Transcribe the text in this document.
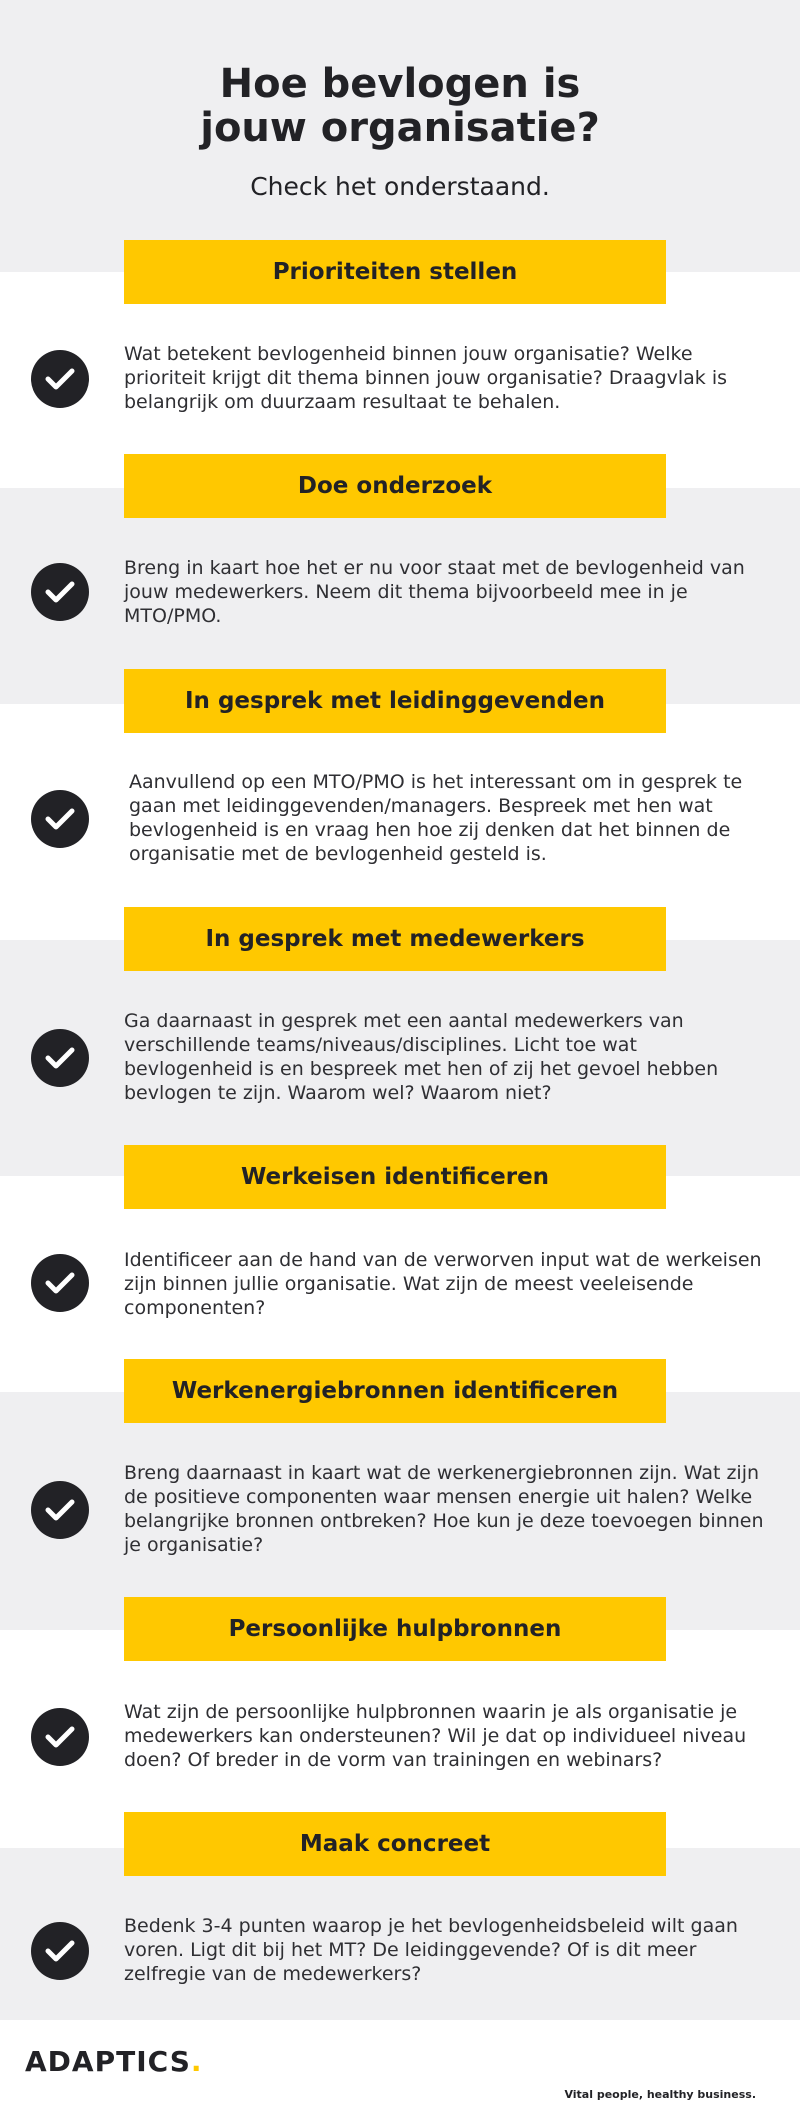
Hoe bevlogen is
jouw organisatie?
Check het onderstaand.
Prioriteiten stellen
Wat betekent bevlogenheid binnen jouw organisatie? Welke prioriteit krijgt dit thema binnen jouw organisatie? Draagvlak is belangrijk om duurzaam resultaat te behalen.
Doe onderzoek
Breng in kaart hoe het er nu voor staat met de bevlogenheid van jouw medewerkers. Neem dit thema bijvoorbeeld mee in je MTO/PMO.
In gesprek met leidinggevenden
Aanvullend op een MTO/PMO is het interessant om in gesprek te gaan met leidinggevenden/managers. Bespreek met hen wat bevlogenheid is en vraag hen hoe zij denken dat het binnen de organisatie met de bevlogenheid gesteld is.
In gesprek met medewerkers
Ga daarnaast in gesprek met een aantal medewerkers van verschillende teams/niveaus/disciplines. Licht toe wat bevlogenheid is en bespreek met hen of zij het gevoel hebben bevlogen te zijn. Waarom wel? Waarom niet?
Werkeisen identificeren
Identificeer aan de hand van de verworven input wat de werkeisen zijn binnen jullie organisatie. Wat zijn de meest veeleisende componenten?
Werkenergiebronnen identificeren
Breng daarnaast in kaart wat de werkenergiebronnen zijn. Wat zijn de positieve componenten waar mensen energie uit halen? Welke belangrijke bronnen ontbreken? Hoe kun je deze toevoegen binnen je organisatie?
Persoonlijke hulpbronnen
Wat zijn de persoonlijke hulpbronnen waarin je als organisatie je medewerkers kan ondersteunen? Wil je dat op individueel niveau doen? Of breder in de vorm van trainingen en webinars?
Maak concreet
Bedenk 3-4 punten waarop je het bevlogenheidsbeleid wilt gaan voren. Ligt dit bij het MT? De leidinggevende? Of is dit meer zelfregie van de medewerkers?
ADAPTICS.
Vital people, healthy business.
